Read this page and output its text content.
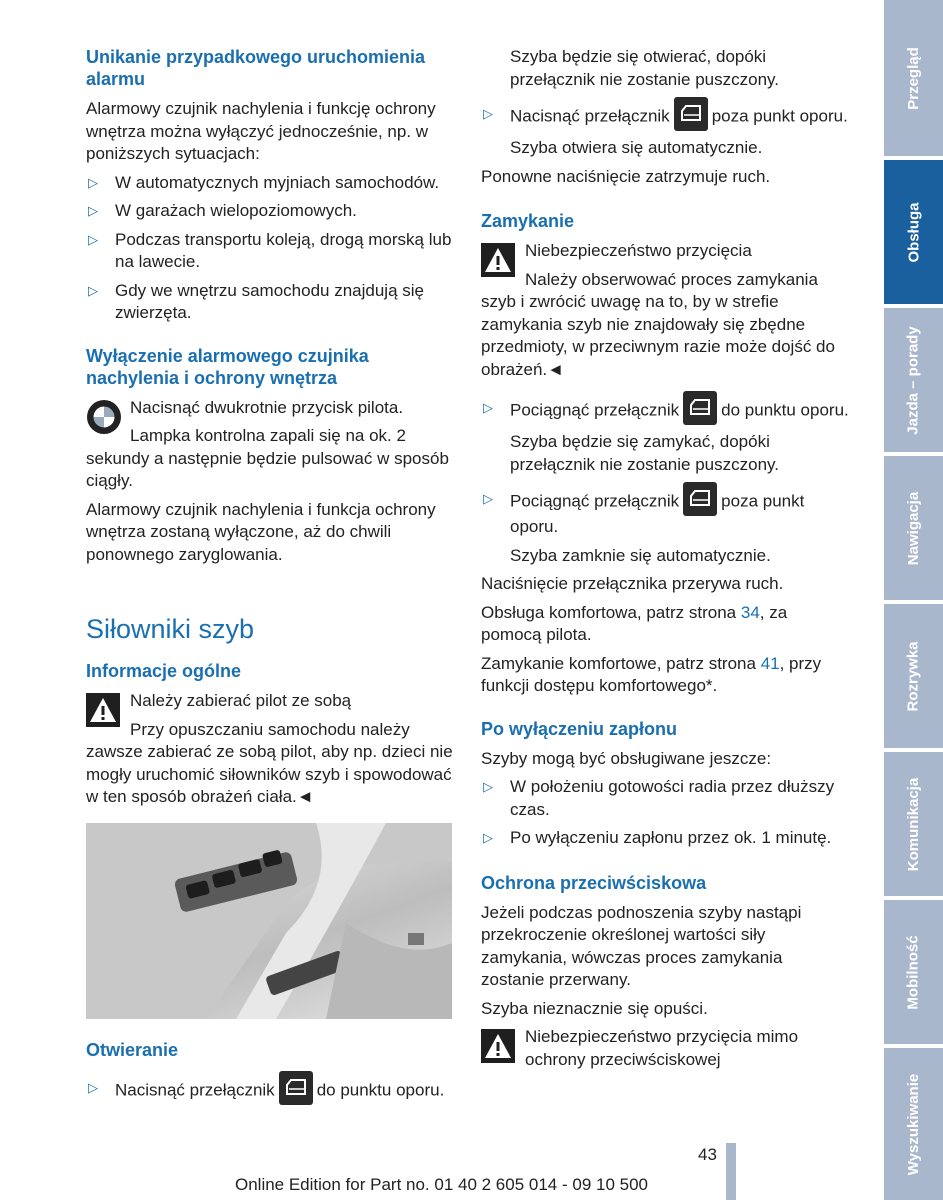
Unikanie przypadkowego uruchomienia alarmu

Alarmowy czujnik nachylenia i funkcję ochrony wnętrza można wyłączyć jednocześnie, np. w poniższych sytuacjach:

▷ W automatycznych myjniach samochodów.
▷ W garażach wielopoziomowych.
▷ Podczas transportu koleją, drogą morską lub na lawecie.
▷ Gdy we wnętrzu samochodu znajdują się zwierzęta.
Wyłączenie alarmowego czujnika nachylenia i ochrony wnętrza

Nacisnąć dwukrotnie przycisk pilota.

Lampka kontrolna zapali się na ok. 2 sekundy a następnie będzie pulsować w sposób ciągły.

Alarmowy czujnik nachylenia i funkcja ochrony wnętrza zostaną wyłączone, aż do chwili ponownego zaryglowania.

Siłowniki szyb
Informacje ogólne

Należy zabierać pilot ze sobą

Przy opuszczaniu samochodu należy zawsze zabierać ze sobą pilot, aby np. dzieci nie mogły uruchomić siłowników szyb i spowodować w ten sposób obrażeń ciała.◄

Otwieranie
▷ Nacisnąć przełącznik do punktu oporu.

Szyba będzie się otwierać, dopóki przełącznik nie zostanie puszczony.

▷ Nacisnąć przełącznik poza punkt oporu.

Szyba otwiera się automatycznie.

Ponowne naciśnięcie zatrzymuje ruch.

Zamykanie

Niebezpieczeństwo przycięcia

Należy obserwować proces zamykania szyb i zwrócić uwagę na to, by w strefie zamykania szyb nie znajdowały się zbędne przedmioty, w przeciwnym razie może dojść do obrażeń.◄

▷ Pociągnąć przełącznik do punktu oporu.

Szyba będzie się zamykać, dopóki przełącznik nie zostanie puszczony.

▷ Pociągnąć przełącznik poza punkt oporu.

Szyba zamknie się automatycznie.

Naciśnięcie przełącznika przerywa ruch.

Obsługa komfortowa, patrz strona 34, za pomocą pilota.

Zamykanie komfortowe, patrz strona 41, przy funkcji dostępu komfortowego*.

Po wyłączeniu zapłonu

Szyby mogą być obsługiwane jeszcze:

▷ W położeniu gotowości radia przez dłuższy czas.
▷ Po wyłączeniu zapłonu przez ok. 1 minutę.
Ochrona przeciwściskowa

Jeżeli podczas podnoszenia szyby nastąpi przekroczenie określonej wartości siły zamykania, wówczas proces zamykania zostanie przerwany.

Szyba nieznacznie się opuści.

Niebezpieczeństwo przycięcia mimo ochrony przeciwściskowej

Przegląd
Obsługa
Jazda – porady
Nawigacja
Rozrywka
Komunikacja
Mobilność
Wyszukiwanie
43
Online Edition for Part no. 01 40 2 605 014 - 09 10 500
